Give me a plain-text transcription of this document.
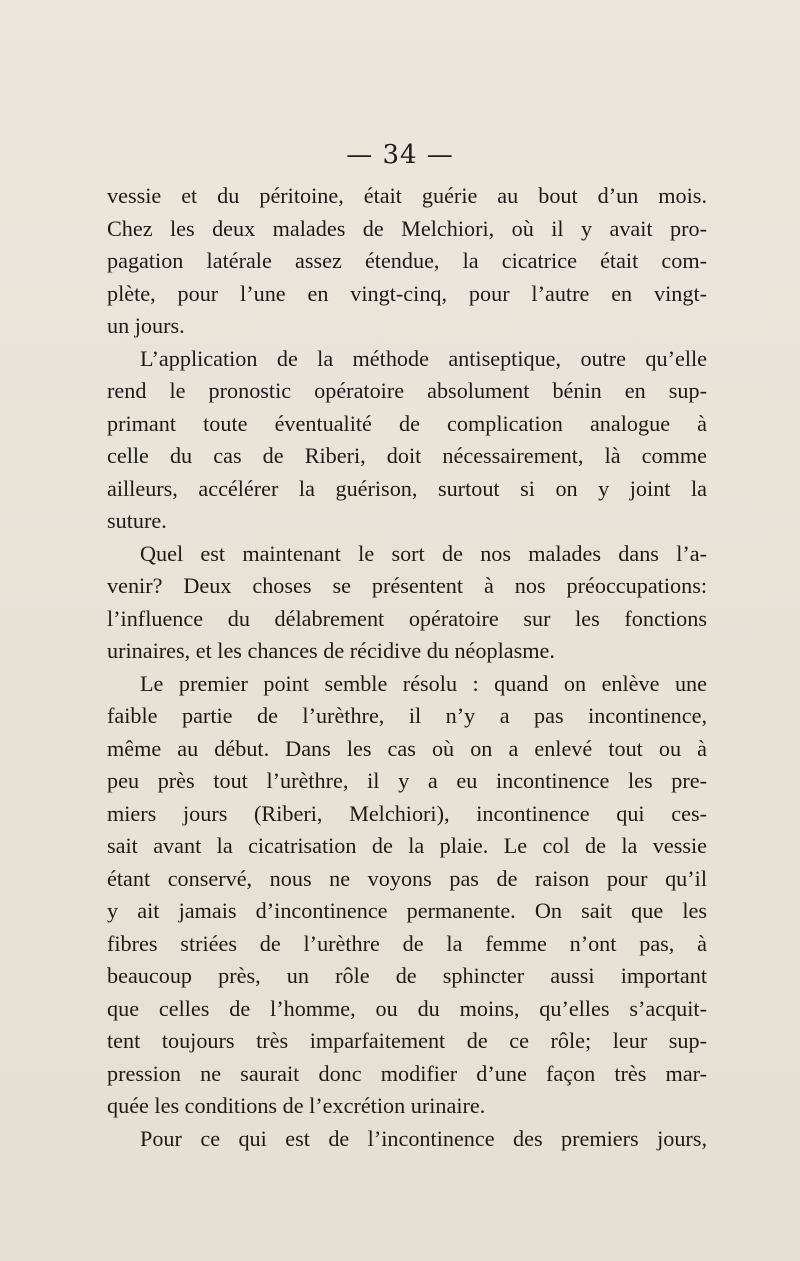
— 34 —
vessie et du péritoine, était guérie au bout d’un mois.
Chez les deux malades de Melchiori, où il y avait pro-
pagation latérale assez étendue, la cicatrice était com-
plète, pour l’une en vingt-cinq, pour l’autre en vingt-
un jours.
L’application de la méthode antiseptique, outre qu’elle
rend le pronostic opératoire absolument bénin en sup-
primant toute éventualité de complication analogue à
celle du cas de Riberi, doit nécessairement, là comme
ailleurs, accélérer la guérison, surtout si on y joint la
suture.
Quel est maintenant le sort de nos malades dans l’a-
venir? Deux choses se présentent à nos préoccupations:
l’influence du délabrement opératoire sur les fonctions
urinaires, et les chances de récidive du néoplasme.
Le premier point semble résolu : quand on enlève une
faible partie de l’urèthre, il n’y a pas incontinence,
même au début. Dans les cas où on a enlevé tout ou à
peu près tout l’urèthre, il y a eu incontinence les pre-
miers jours (Riberi, Melchiori), incontinence qui ces-
sait avant la cicatrisation de la plaie. Le col de la vessie
étant conservé, nous ne voyons pas de raison pour qu’il
y ait jamais d’incontinence permanente. On sait que les
fibres striées de l’urèthre de la femme n’ont pas, à
beaucoup près, un rôle de sphincter aussi important
que celles de l’homme, ou du moins, qu’elles s’acquit-
tent toujours très imparfaitement de ce rôle; leur sup-
pression ne saurait donc modifier d’une façon très mar-
quée les conditions de l’excrétion urinaire.
Pour ce qui est de l’incontinence des premiers jours,
